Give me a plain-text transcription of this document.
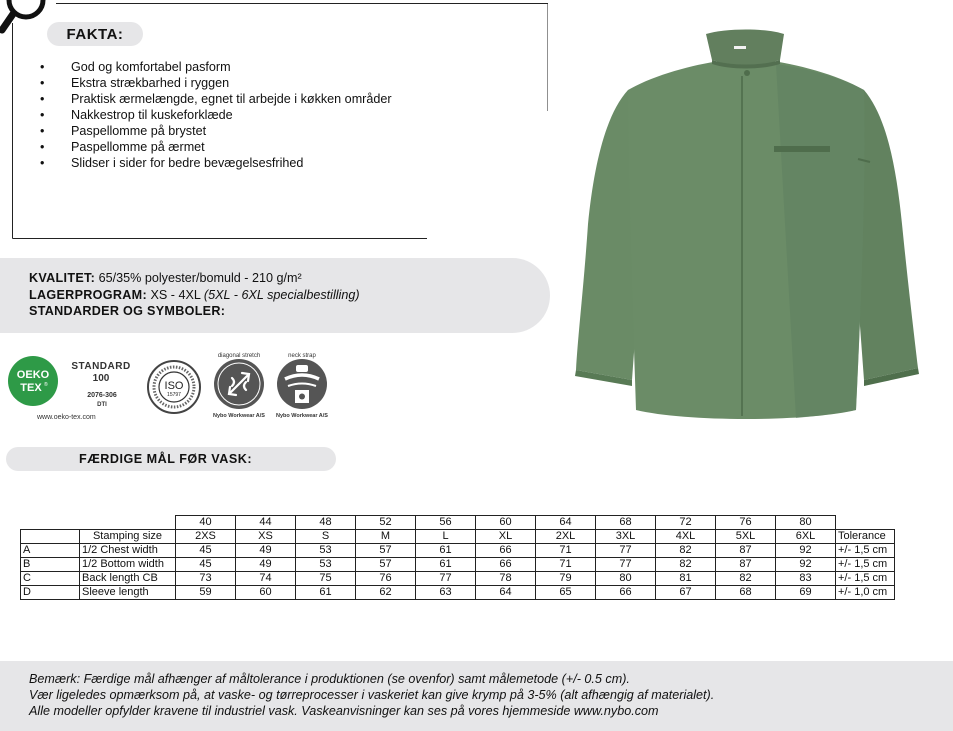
FAKTA:
• God og komfortabel pasform
• Ekstra strækbarhed i ryggen
• Praktisk ærmelængde, egnet til arbejde i køkken områder
• Nakkestrop til kuskeforklæde
• Paspellomme på brystet
• Paspellomme på ærmet
• Slidser i sider for bedre bevægelsesfrihed
KVALITET: 65/35% polyester/bomuld - 210 g/m²
LAGERPROGRAM: XS - 4XL (5XL - 6XL specialbestilling)
STANDARDER OG SYMBOLER:
OEKO
TEX ®
STANDARD
100
2076-306
DTI
www.oeko-tex.com
ISO
15797
diagonal stretch
Nybo Workwear A/S
neck strap
Nybo Workwear A/S
FÆRDIGE MÅL FØR VASK:
		40	44	48	52	56	60	64	68	72	76	80	
	Stamping size	2XS	XS	S	M	L	XL	2XL	3XL	4XL	5XL	6XL	Tolerance
A	1/2 Chest width	45	49	53	57	61	66	71	77	82	87	92	+/- 1,5 cm
B	1/2 Bottom width	45	49	53	57	61	66	71	77	82	87	92	+/- 1,5 cm
C	Back length CB	73	74	75	76	77	78	79	80	81	82	83	+/- 1,5 cm
D	Sleeve length	59	60	61	62	63	64	65	66	67	68	69	+/- 1,0 cm
Bemærk: Færdige mål afhænger af måltolerance i produktionen (se ovenfor) samt målemetode (+/- 0.5 cm).
Vær ligeledes opmærksom på, at vaske- og tørreprocesser i vaskeriet kan give krymp på 3-5% (alt afhængig af materialet).
Alle modeller opfylder kravene til industriel vask. Vaskeanvisninger kan ses på vores hjemmeside www.nybo.com
